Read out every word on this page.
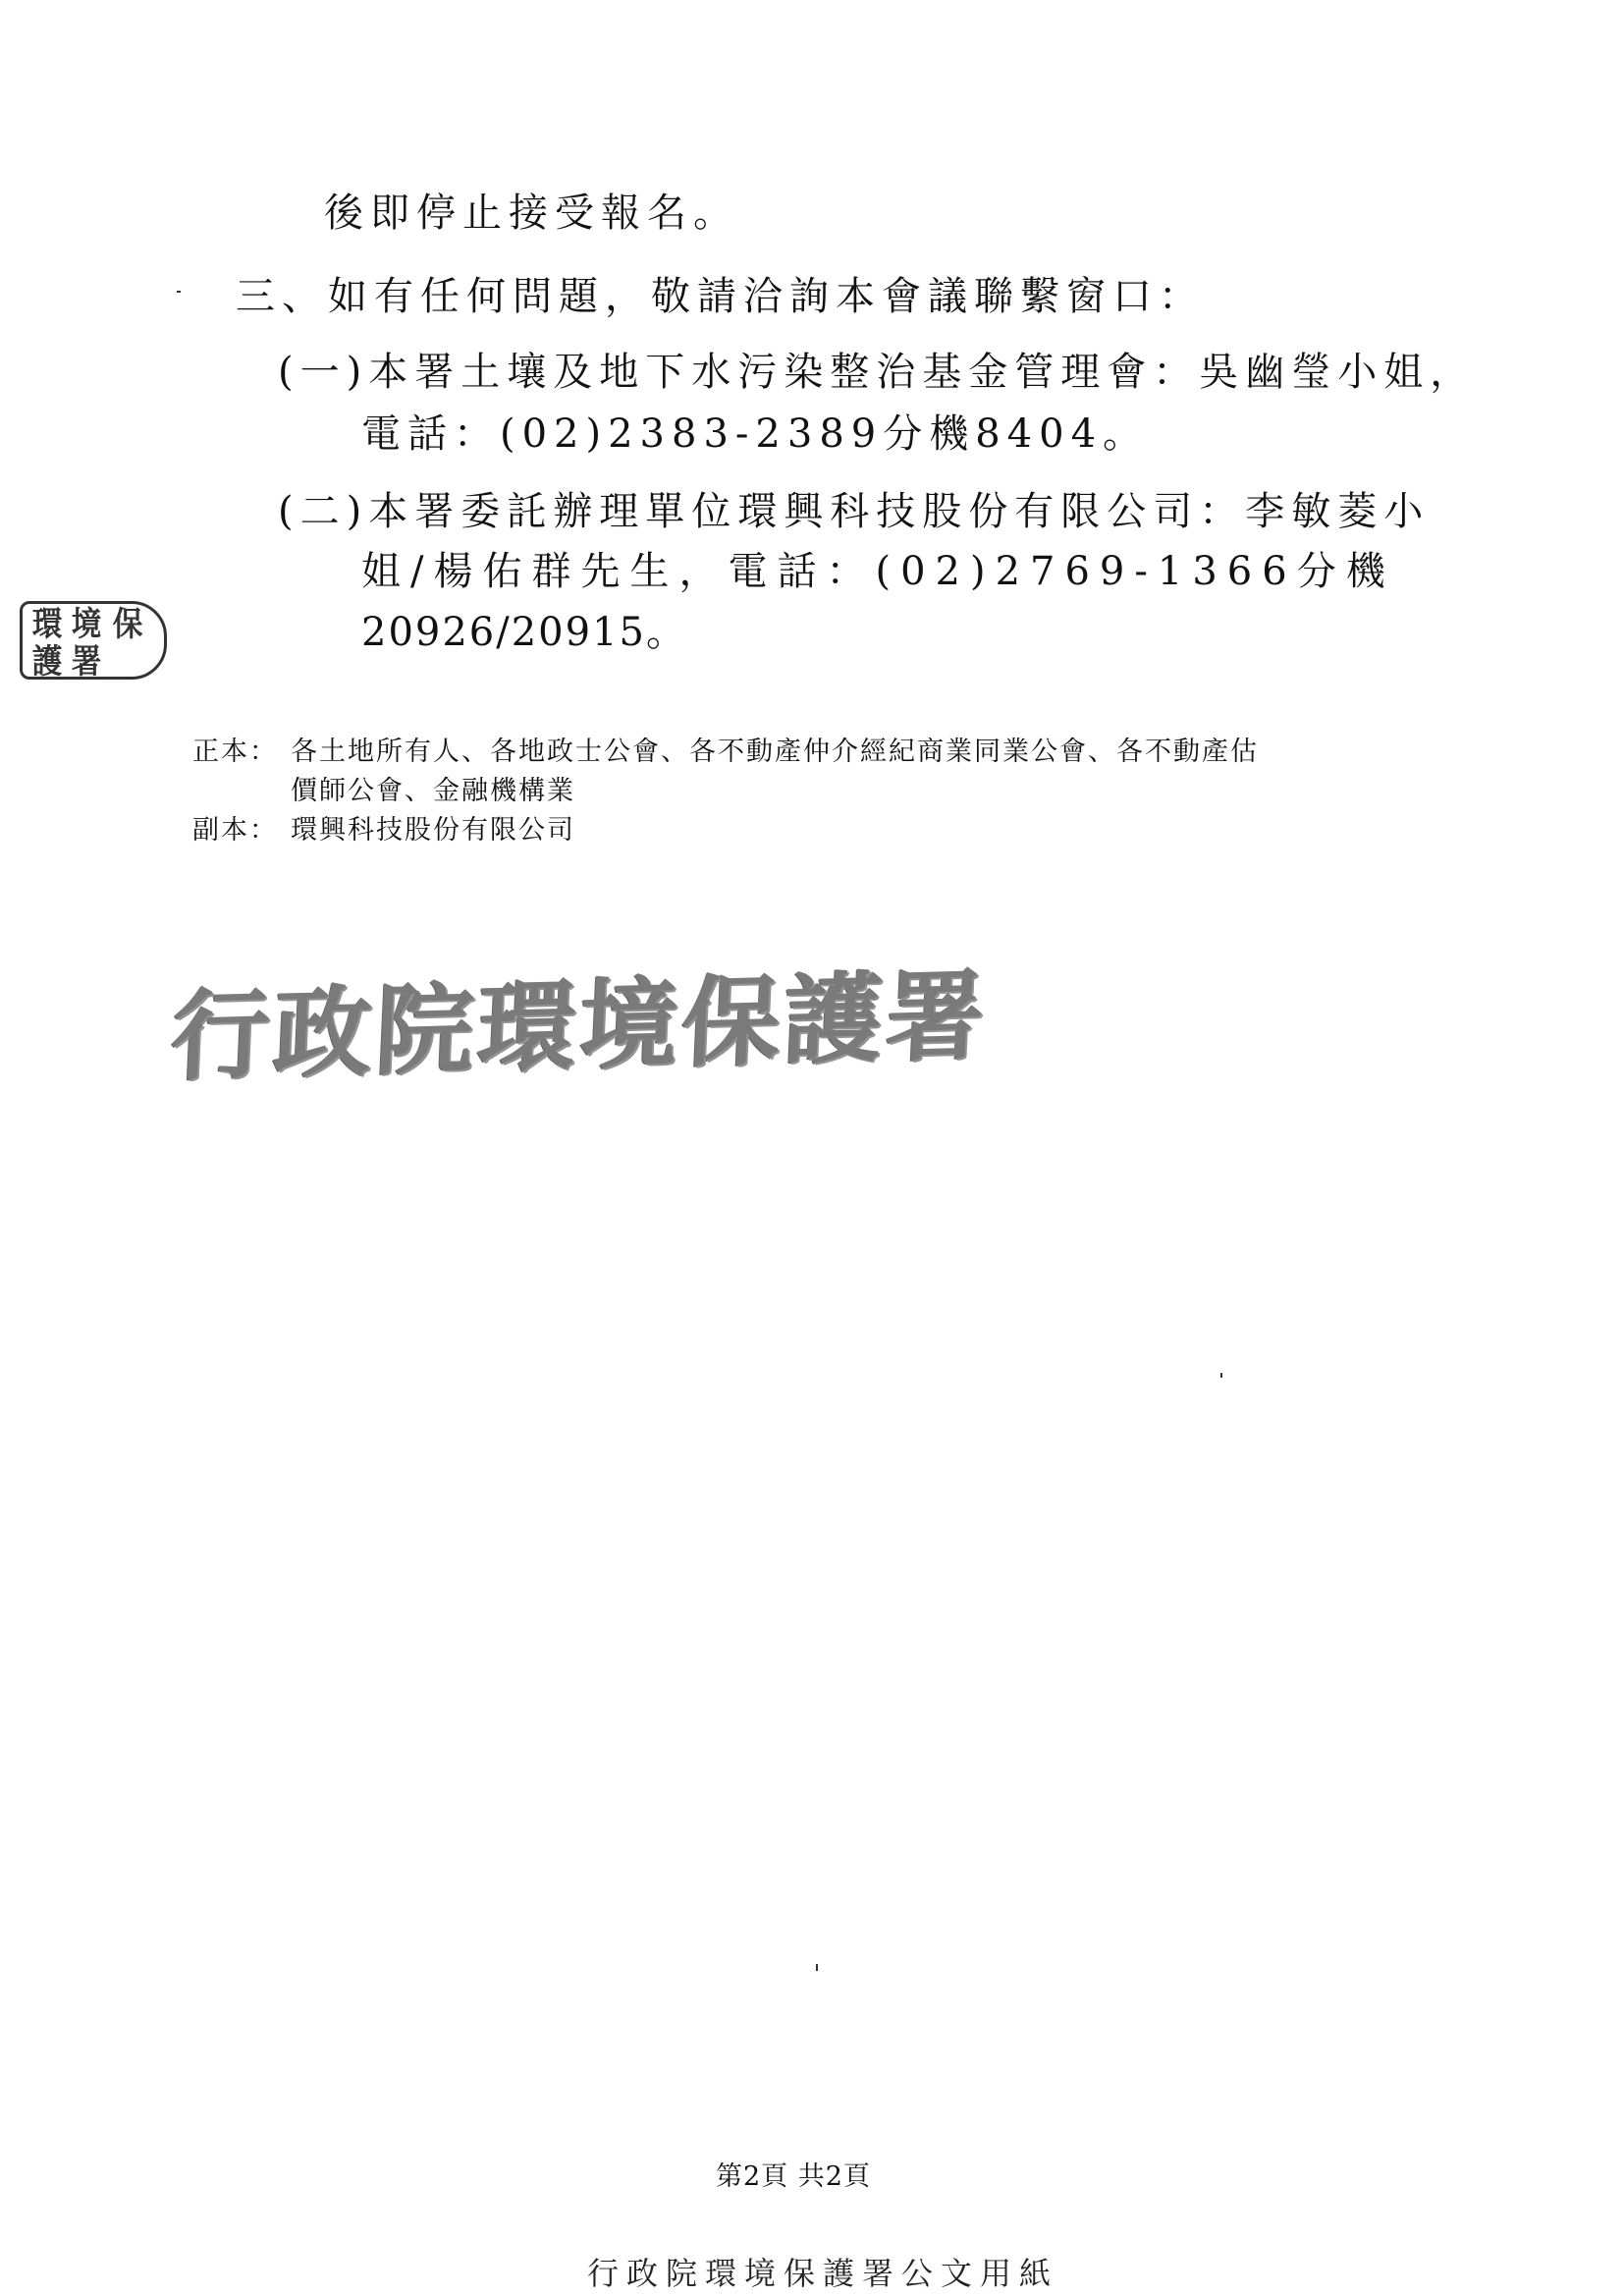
後即停止接受報名。
三、如有任何問題，敬請洽詢本會議聯繫窗口：
(一)本署土壤及地下水污染整治基金管理會：吳幽瑩小姐，
電話：(02)2383-2389分機8404。
(二)本署委託辦理單位環興科技股份有限公司：李敏菱小
姐/楊佑群先生，電話：(02)2769-1366分機
20926/20915。
環 境 保
護 署
正本： 各土地所有人、各地政士公會、各不動產仲介經紀商業同業公會、各不動產估
價師公會、金融機構業
副本： 環興科技股份有限公司
行政院環境保護署
第2頁 共2頁
行政院環境保護署公文用紙
